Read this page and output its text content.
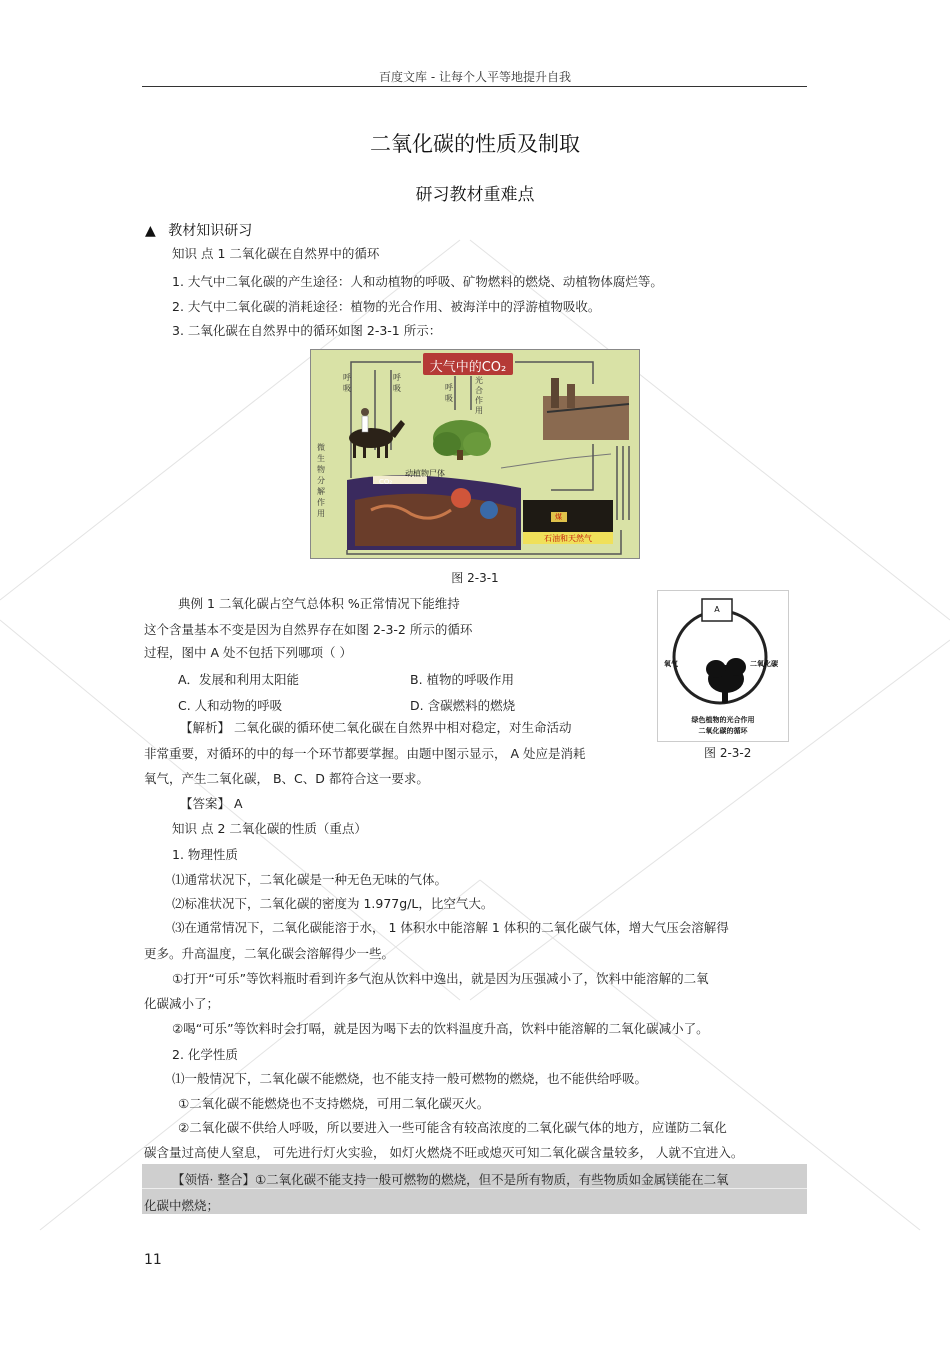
百度文库 - 让每个人平等地提升自我
二氧化碳的性质及制取
研习教材重难点
▲ 教材知识研习
知识 点 1 二氧化碳在自然界中的循环
1. 大气中二氧化碳的产生途径：人和动植物的呼吸、矿物燃料的燃烧、动植物体腐烂等。
2. 大气中二氧化碳的消耗途径：植物的光合作用、被海洋中的浮游植物吸收。
3. 二氧化碳在自然界中的循环如图 2-3-1 所示：
大气中的CO₂
呼
吸
呼
吸	呼
吸
光
合
作
用
微
生
物
分
解
作
用
动植物尸体
CO₂
煤
石油和天然气
图 2-3-1
典例 1 二氧化碳占空气总体积 %正常情况下能维持
这个含量基本不变是因为自然界存在如图 2-3-2 所示的循环
过程，图中 A 处不包括下列哪项（ ）
A．发展和利用太阳能	B. 植物的呼吸作用
C. 人和动物的呼吸	D. 含碳燃料的燃烧
【解析】 二氧化碳的循环使二氧化碳在自然界中相对稳定，对生命活动
非常重要，对循环的中的每一个环节都要掌握。由题中图示显示， A 处应是消耗
氧气，产生二氧化碳， B、C、D 都符合这一要求。
【答案】 A
A
氧气	二氧化碳
绿色植物的光合作用
二氧化碳的循环
图 2-3-2
知识 点 2 二氧化碳的性质（重点）
1. 物理性质
⑴通常状况下，二氧化碳是一种无色无味的气体。
⑵标准状况下，二氧化碳的密度为 1.977g/L，比空气大。
⑶在通常情况下，二氧化碳能溶于水， 1 体积水中能溶解 1 体积的二氧化碳气体，增大气压会溶解得
更多。升高温度，二氧化碳会溶解得少一些。
①打开“可乐”等饮料瓶时看到许多气泡从饮料中逸出，就是因为压强减小了，饮料中能溶解的二氧
化碳减小了；
②喝“可乐”等饮料时会打嗝，就是因为喝下去的饮料温度升高，饮料中能溶解的二氧化碳减小了。
2. 化学性质
⑴一般情况下，二氧化碳不能燃烧，也不能支持一般可燃物的燃烧，也不能供给呼吸。
①二氧化碳不能燃烧也不支持燃烧，可用二氧化碳灭火。
②二氧化碳不供给人呼吸，所以要进入一些可能含有较高浓度的二氧化碳气体的地方，应谨防二氧化
碳含量过高使人窒息， 可先进行灯火实验， 如灯火燃烧不旺或熄灭可知二氧化碳含量较多， 人就不宜进入。
【领悟· 整合】①二氧化碳不能支持一般可燃物的燃烧，但不是所有物质，有些物质如金属镁能在二氧
化碳中燃烧；
11
